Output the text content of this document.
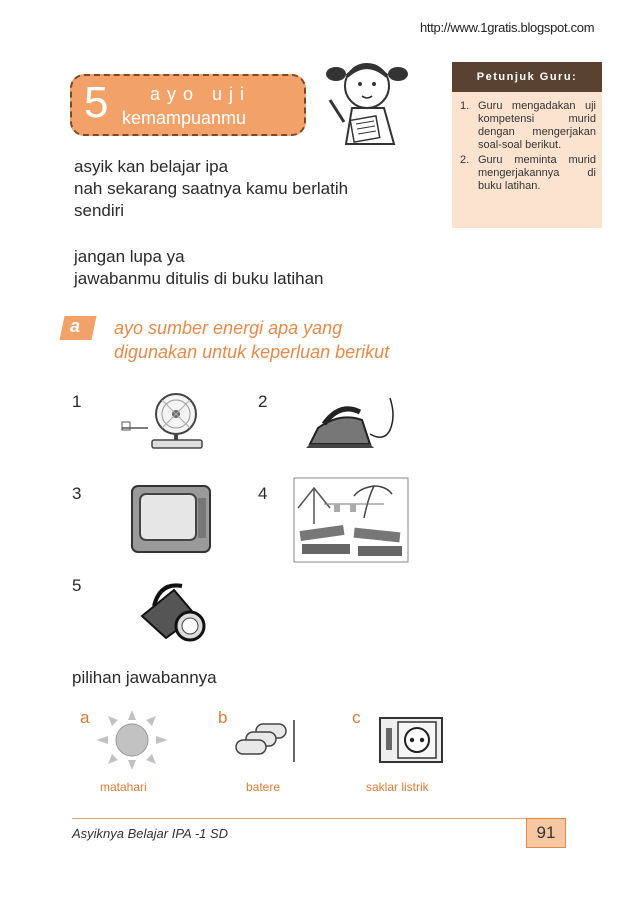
http://www.1gratis.blogspot.com
5 ayo uji
kemampuanmu
Petunjuk Guru:
1. Guru mengadakan uji kompetensi murid dengan mengerjakan soal-soal berikut.
2. Guru meminta murid mengerjakannya di buku latihan.
asyik kan belajar ipa
nah sekarang saatnya kamu berlatih
sendiri
jangan lupa ya
jawabanmu ditulis di buku latihan
a ayo sumber energi apa yang
digunakan untuk keperluan berikut
1	2
3	4
5
pilihan jawabannya
a	b	c
matahari	batere	saklar listrik
Asyiknya Belajar IPA -1 SD	91
